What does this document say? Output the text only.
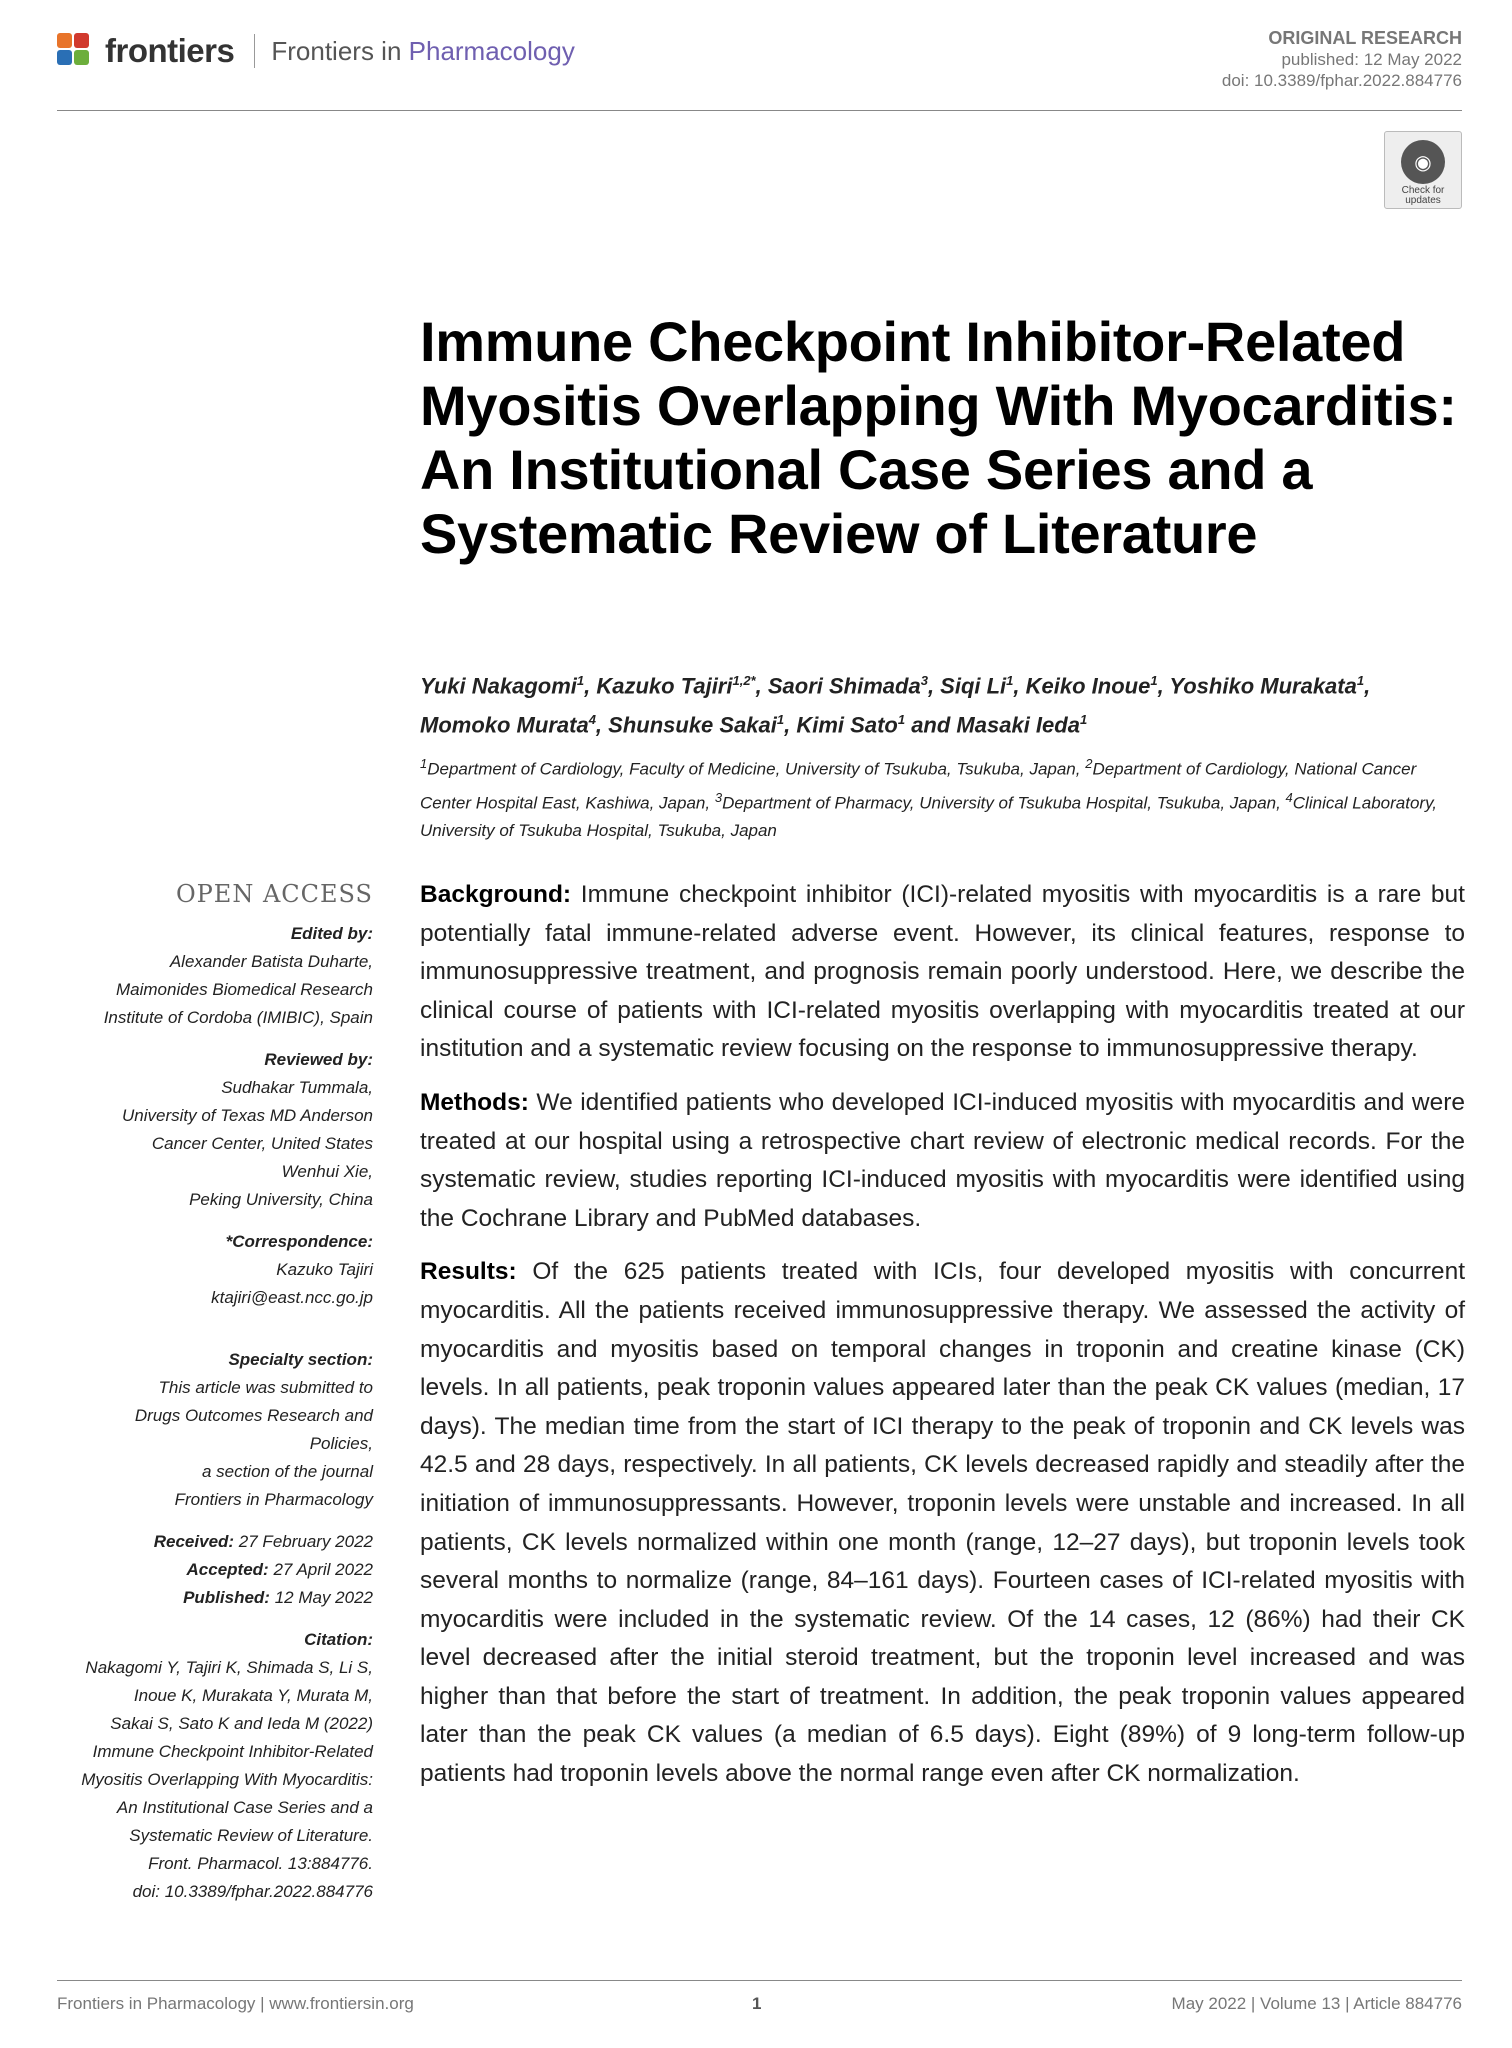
frontiers Frontiers in Pharmacology	ORIGINAL RESEARCH
published: 12 May 2022
doi: 10.3389/fphar.2022.884776
◉
Check for
updates
Immune Checkpoint Inhibitor-Related Myositis Overlapping With Myocarditis: An Institutional Case Series and a Systematic Review of Literature
Yuki Nakagomi$^1$, Kazuko Tajiri$^{1,2*}$, Saori Shimada$^3$, Siqi Li$^1$, Keiko Inoue$^1$, Yoshiko Murakata$^1$, Momoko Murata$^4$, Shunsuke Sakai$^1$, Kimi Sato$^1$ and Masaki Ieda$^1$
$^1$Department of Cardiology, Faculty of Medicine, University of Tsukuba, Tsukuba, Japan, $^2$Department of Cardiology, National Cancer Center Hospital East, Kashiwa, Japan, $^3$Department of Pharmacy, University of Tsukuba Hospital, Tsukuba, Japan, $^4$Clinical Laboratory, University of Tsukuba Hospital, Tsukuba, Japan
OPEN ACCESS
Edited by:
Alexander Batista Duharte,
Maimonides Biomedical Research
Institute of Cordoba (IMIBIC), Spain
Reviewed by:
Sudhakar Tummala,
University of Texas MD Anderson
Cancer Center, United States
Wenhui Xie,
Peking University, China
*Correspondence:
Kazuko Tajiri
ktajiri@east.ncc.go.jp
Specialty section:
This article was submitted to
Drugs Outcomes Research and
Policies,
a section of the journal
Frontiers in Pharmacology
Received: 27 February 2022
Accepted: 27 April 2022
Published: 12 May 2022
Citation:
Nakagomi Y, Tajiri K, Shimada S, Li S,
Inoue K, Murakata Y, Murata M,
Sakai S, Sato K and Ieda M (2022)
Immune Checkpoint Inhibitor-Related
Myositis Overlapping With Myocarditis:
An Institutional Case Series and a
Systematic Review of Literature.
Front. Pharmacol. 13:884776.
doi: 10.3389/fphar.2022.884776

Background: Immune checkpoint inhibitor (ICI)-related myositis with myocarditis is a rare but potentially fatal immune-related adverse event. However, its clinical features, response to immunosuppressive treatment, and prognosis remain poorly understood. Here, we describe the clinical course of patients with ICI-related myositis overlapping with myocarditis treated at our institution and a systematic review focusing on the response to immunosuppressive therapy.

Methods: We identified patients who developed ICI-induced myositis with myocarditis and were treated at our hospital using a retrospective chart review of electronic medical records. For the systematic review, studies reporting ICI-induced myositis with myocarditis were identified using the Cochrane Library and PubMed databases.

Results: Of the 625 patients treated with ICIs, four developed myositis with concurrent myocarditis. All the patients received immunosuppressive therapy. We assessed the activity of myocarditis and myositis based on temporal changes in troponin and creatine kinase (CK) levels. In all patients, peak troponin values appeared later than the peak CK values (median, 17 days). The median time from the start of ICI therapy to the peak of troponin and CK levels was 42.5 and 28 days, respectively. In all patients, CK levels decreased rapidly and steadily after the initiation of immunosuppressants. However, troponin levels were unstable and increased. In all patients, CK levels normalized within one month (range, 12–27 days), but troponin levels took several months to normalize (range, 84–161 days). Fourteen cases of ICI-related myositis with myocarditis were included in the systematic review. Of the 14 cases, 12 (86%) had their CK level decreased after the initial steroid treatment, but the troponin level increased and was higher than that before the start of treatment. In addition, the peak troponin values appeared later than the peak CK values (a median of 6.5 days). Eight (89%) of 9 long-term follow-up patients had troponin levels above the normal range even after CK normalization.

Frontiers in Pharmacology | www.frontiersin.org	1	May 2022 | Volume 13 | Article 884776
